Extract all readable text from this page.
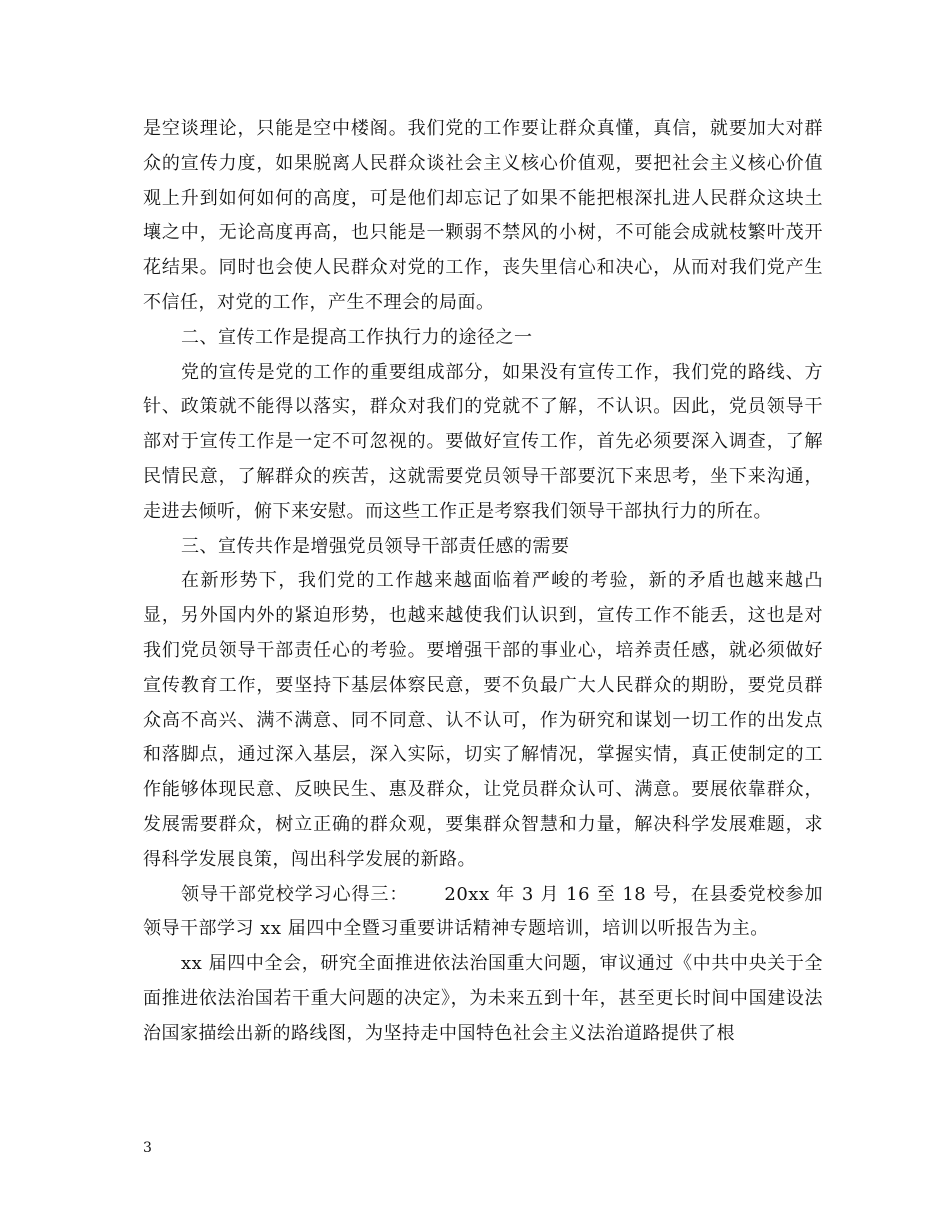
是空谈理论，只能是空中楼阁。我们党的工作要让群众真懂，真信，就要加大对群众的宣传力度，如果脱离人民群众谈社会主义核心价值观，要把社会主义核心价值观上升到如何如何的高度，可是他们却忘记了如果不能把根深扎进人民群众这块土壤之中，无论高度再高，也只能是一颗弱不禁风的小树，不可能会成就枝繁叶茂开花结果。同时也会使人民群众对党的工作，丧失里信心和决心，从而对我们党产生不信任，对党的工作，产生不理会的局面。

二、宣传工作是提高工作执行力的途径之一

党的宣传是党的工作的重要组成部分，如果没有宣传工作，我们党的路线、方针、政策就不能得以落实，群众对我们的党就不了解，不认识。因此，党员领导干部对于宣传工作是一定不可忽视的。要做好宣传工作，首先必须要深入调查，了解民情民意，了解群众的疾苦，这就需要党员领导干部要沉下来思考，坐下来沟通，走进去倾听，俯下来安慰。而这些工作正是考察我们领导干部执行力的所在。

三、宣传共作是增强党员领导干部责任感的需要

在新形势下，我们党的工作越来越面临着严峻的考验，新的矛盾也越来越凸显，另外国内外的紧迫形势，也越来越使我们认识到，宣传工作不能丢，这也是对我们党员领导干部责任心的考验。要增强干部的事业心，培养责任感，就必须做好宣传教育工作，要坚持下基层体察民意，要不负最广大人民群众的期盼，要党员群众高不高兴、满不满意、同不同意、认不认可，作为研究和谋划一切工作的出发点和落脚点，通过深入基层，深入实际，切实了解情况，掌握实情，真正使制定的工作能够体现民意、反映民生、惠及群众，让党员群众认可、满意。要展依靠群众，发展需要群众，树立正确的群众观，要集群众智慧和力量，解决科学发展难题，求得科学发展良策，闯出科学发展的新路。

领导干部党校学习心得三： 20xx 年 3 月 16 至 18 号，在县委党校参加领导干部学习 xx 届四中全暨习重要讲话精神专题培训，培训以听报告为主。

xx 届四中全会，研究全面推进依法治国重大问题，审议通过《中共中央关于全面推进依法治国若干重大问题的决定》，为未来五到十年，甚至更长时间中国建设法治国家描绘出新的路线图，为坚持走中国特色社会主义法治道路提供了根

3
